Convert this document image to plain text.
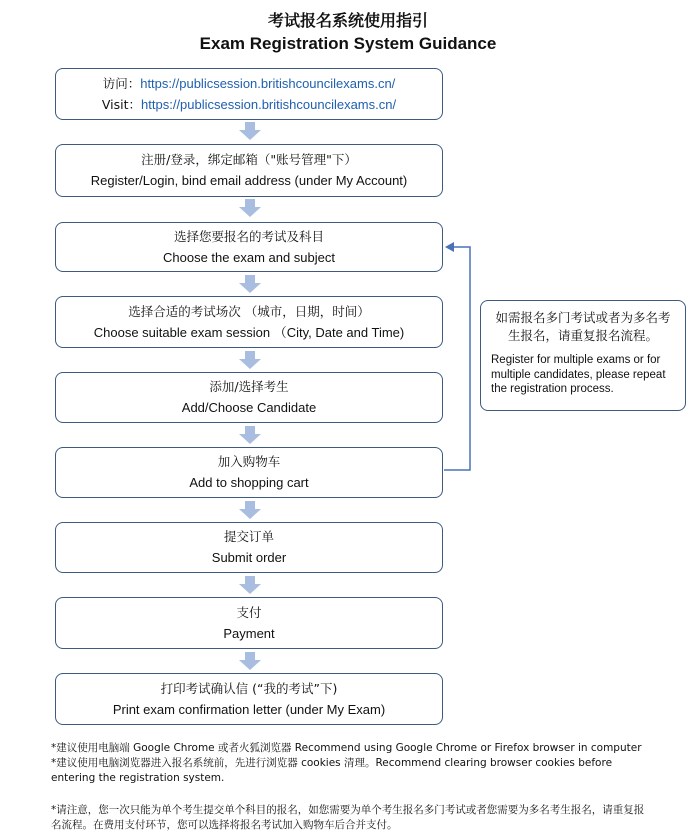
考试报名系统使用指引
Exam Registration System Guidance
访问：https://publicsession.britishcouncilexams.cn/
Visit：https://publicsession.britishcouncilexams.cn/
注册/登录，绑定邮箱（"账号管理"下）
Register/Login, bind email address (under My Account)
选择您要报名的考试及科目
Choose the exam and subject
选择合适的考试场次 （城市，日期，时间）
Choose suitable exam session （City, Date and Time)
添加/选择考生
Add/Choose Candidate
加入购物车
Add to shopping cart
提交订单
Submit order
支付
Payment
打印考试确认信 (“我的考试”下)
Print exam confirmation letter (under My Exam)
如需报名多门考试或者为多名考生报名，请重复报名流程。
Register for multiple exams or for multiple candidates, please repeat the registration process.

*建议使用电脑端 Google Chrome 或者火狐浏览器 Recommend using Google Chrome or Firefox browser in computer

*建议使用电脑浏览器进入报名系统前，先进行浏览器 cookies 清理。Recommend clearing browser cookies before entering the registration system.

*请注意，您一次只能为单个考生提交单个科目的报名，如您需要为单个考生报名多门考试或者您需要为多名考生报名，请重复报名流程。在费用支付环节，您可以选择将报名考试加入购物车后合并支付。
